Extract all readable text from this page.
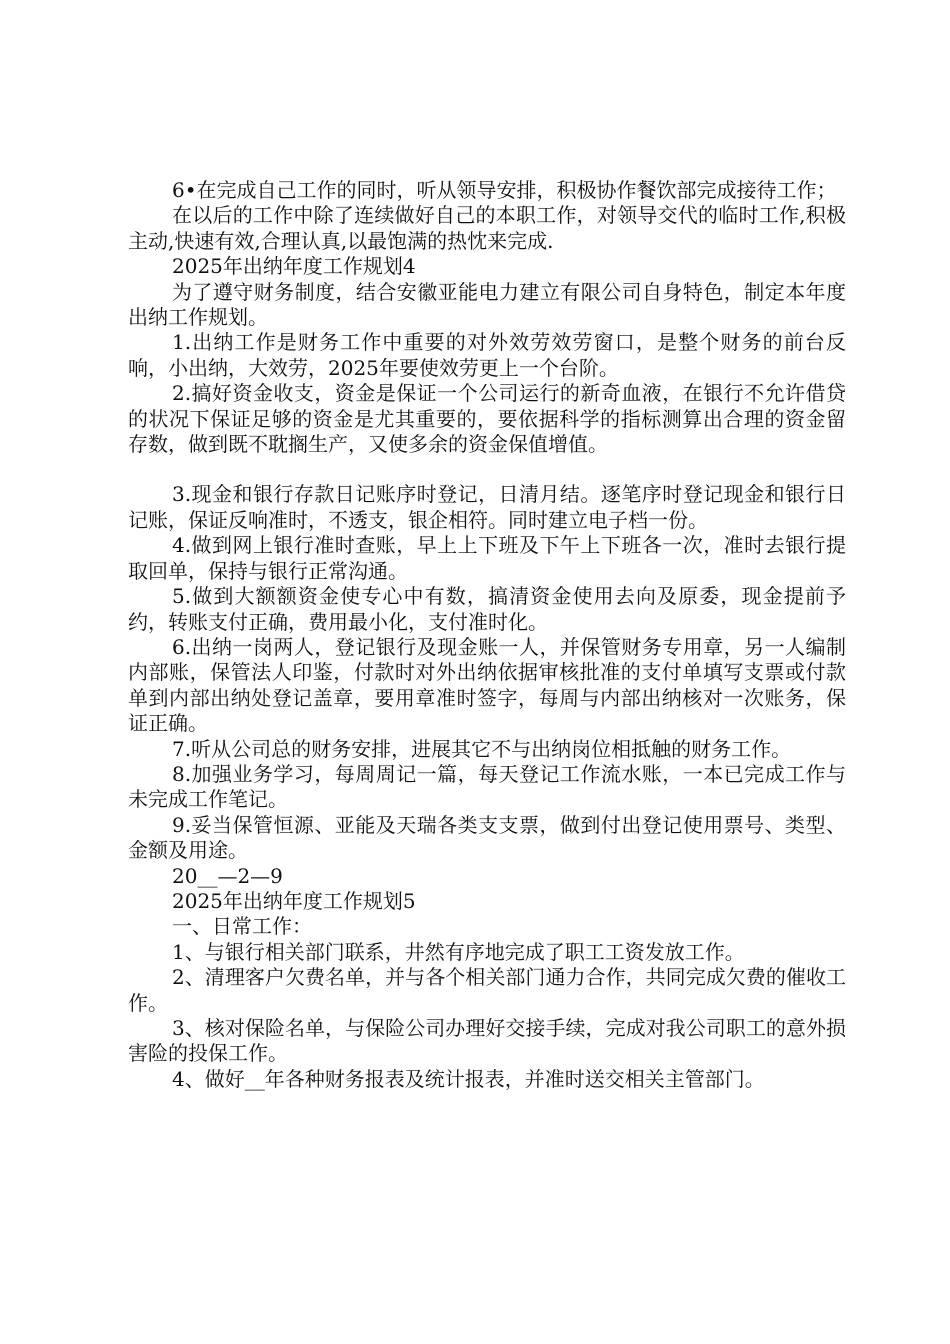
6•在完成自己工作的同时，听从领导安排，积极协作餐饮部完成接待工作；

在以后的工作中除了连续做好自己的本职工作，对领导交代的临时工作,积极主动,快速有效,合理认真,以最饱满的热忱来完成.

2025年出纳年度工作规划4

为了遵守财务制度，结合安徽亚能电力建立有限公司自身特色，制定本年度出纳工作规划。

1.出纳工作是财务工作中重要的对外效劳效劳窗口，是整个财务的前台反响，小出纳，大效劳，2025年要使效劳更上一个台阶。

2.搞好资金收支，资金是保证一个公司运行的新奇血液，在银行不允许借贷的状况下保证足够的资金是尤其重要的，要依据科学的指标测算出合理的资金留存数，做到既不耽搁生产，又使多余的资金保值增值。

3.现金和银行存款日记账序时登记，日清月结。逐笔序时登记现金和银行日记账，保证反响准时，不透支，银企相符。同时建立电子档一份。

4.做到网上银行准时查账，早上上下班及下午上下班各一次，准时去银行提取回单，保持与银行正常沟通。

5.做到大额额资金使专心中有数，搞清资金使用去向及原委，现金提前予约，转账支付正确，费用最小化，支付准时化。

6.出纳一岗两人，登记银行及现金账一人，并保管财务专用章，另一人编制内部账，保管法人印鉴，付款时对外出纳依据审核批准的支付单填写支票或付款单到内部出纳处登记盖章，要用章准时签字，每周与内部出纳核对一次账务，保证正确。

7.听从公司总的财务安排，进展其它不与出纳岗位相抵触的财务工作。

8.加强业务学习，每周周记一篇，每天登记工作流水账，一本已完成工作与未完成工作笔记。

9.妥当保管恒源、亚能及天瑞各类支支票，做到付出登记使用票号、类型、金额及用途。

20__—2—9

2025年出纳年度工作规划5

一、日常工作：

1、与银行相关部门联系，井然有序地完成了职工工资发放工作。

2、清理客户欠费名单，并与各个相关部门通力合作，共同完成欠费的催收工作。

3、核对保险名单，与保险公司办理好交接手续，完成对我公司职工的意外损害险的投保工作。

4、做好__年各种财务报表及统计报表，并准时送交相关主管部门。
